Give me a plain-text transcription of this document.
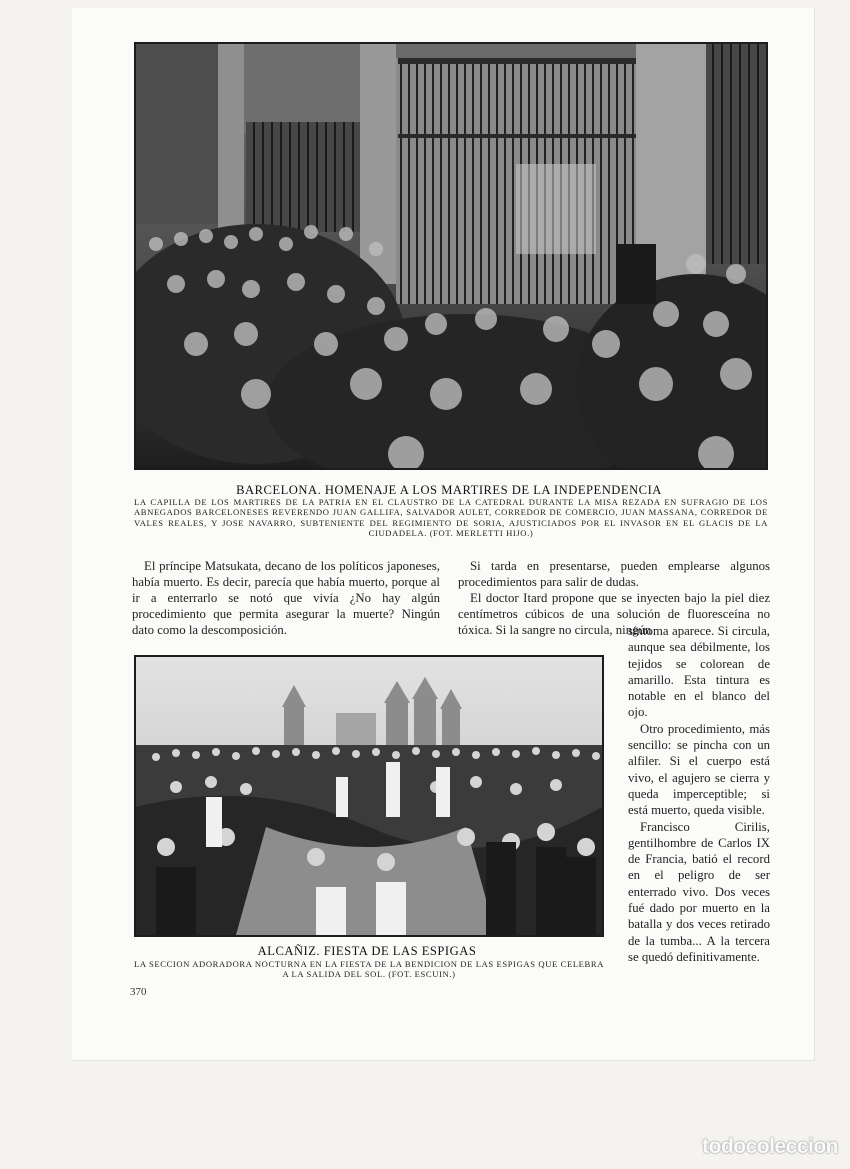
BARCELONA. HOMENAJE A LOS MARTIRES DE LA INDEPENDENCIA
LA CAPILLA DE LOS MARTIRES DE LA PATRIA EN EL CLAUSTRO DE LA CATEDRAL DURANTE LA MISA REZADA EN SUFRAGIO DE LOS ABNEGADOS BARCELONESES REVERENDO JUAN GALLIFA, SALVADOR AULET, CORREDOR DE COMERCIO, JUAN MASSANA, CORREDOR DE VALES REALES, Y JOSE NAVARRO, SUBTENIENTE DEL REGIMIENTO DE SORIA, AJUSTICIADOS POR EL INVASOR EN EL GLACIS DE LA CIUDADELA. (FOT. MERLETTI HIJO.)

El príncipe Matsukata, decano de los políticos japoneses, había muerto. Es decir, parecía que había muerto, porque al ir a enterrarlo se notó que vivía ¿No hay algún procedimiento que permita asegurar la muerte? Ningún dato como la descomposición.

Si tarda en presentarse, pueden emplearse algunos procedimientos para salir de dudas.

El doctor Itard propone que se inyecten bajo la piel diez centímetros cúbicos de una solución de fluoresceína no tóxica. Si la sangre no circula, ningún

ALCAÑIZ. FIESTA DE LAS ESPIGAS
LA SECCION ADORADORA NOCTURNA EN LA FIESTA DE LA BENDICION DE LAS ESPIGAS QUE CELEBRA A LA SALIDA DEL SOL. (FOT. ESCUIN.)

síntoma aparece. Si circula, aunque sea débilmente, los tejidos se colorean de amarillo. Esta tintura es notable en el blanco del ojo.

Otro procedimiento, más sencillo: se pincha con un alfiler. Si el cuerpo está vivo, el agujero se cierra y queda imperceptible; si está muerto, queda visible.

Francisco Cirilis, gentilhombre de Carlos IX de Francia, batió el record en el peligro de ser enterrado vivo. Dos veces fué dado por muerto en la batalla y dos veces retirado de la tumba... A la tercera se quedó definitivamente.

370
todocoleccion
